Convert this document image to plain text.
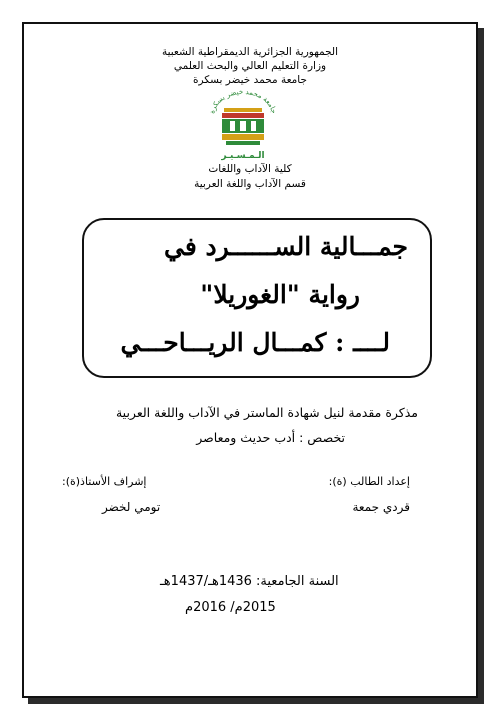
الجمهورية الجزائرية الديمقراطية الشعبية
وزارة التعليم العالي والبحث العلمي
جامعة محمد خيضر بسكرة
جامعة محمد خيضر بسكرة
الـمـسـيـر
كلية الآداب واللغات
قسم الآداب واللغة العربية
جمـــالية الســــــرد في
رواية "الغوريلا"
لــــ : كمـــال الريـــاحـــي
مذكرة مقدمة لنيل شهادة الماستر في الآداب واللغة العربية
تخصص : أدب حديث ومعاصر
إعداد الطالب (ة):
قردي جمعة
إشراف الأستاذ(ة):
تومي لخضر
السنة الجامعية: 1436هـ/1437هـ
2015م/ 2016م
